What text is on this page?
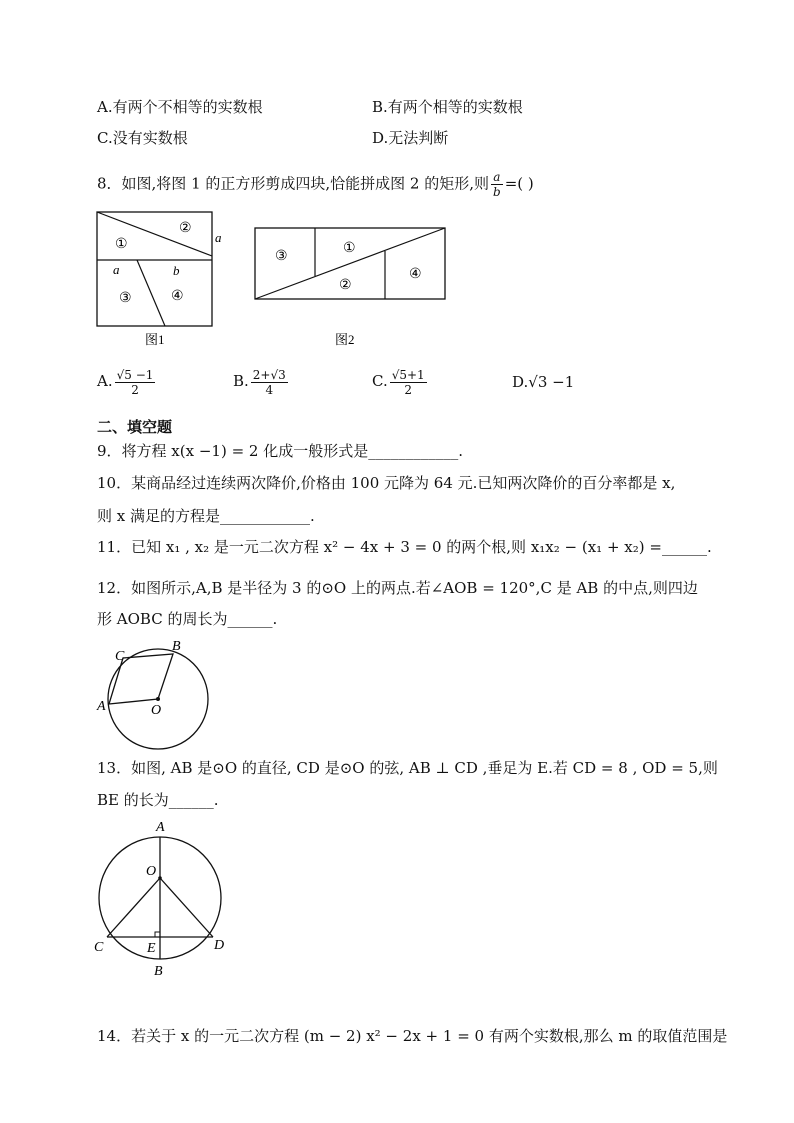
A.有两个不相等的实数根	B.有两个相等的实数根
C.没有实数根	D.无法判断
8．如图,将图 1 的正方形剪成四块,恰能拼成图 2 的矩形,则 $\frac{a}{b}$ =( )
②
①	a
a	b
③	④
图1
③
①
②
④
图2
A. $\frac{√5 -1}{2}$	B. $\frac{2+√3}{4}$	C. $\frac{√5+1}{2}$	D.√3 −1
二、填空题
9．将方程 x(x −1) = 2 化成一般形式是____________.
10．某商品经过连续两次降价,价格由 100 元降为 64 元.已知两次降价的百分率都是 x,
则 x 满足的方程是____________.
11．已知 x₁ , x₂ 是一元二次方程 x² − 4x + 3 = 0 的两个根,则 x₁x₂ − (x₁ + x₂) =______.
12．如图所示,A,B 是半径为 3 的⊙O 上的两点.若∠AOB = 120°,C 是 AB 的中点,则四边
形 AOBC 的周长为______.
C
B
A	O
13．如图, AB 是⊙O 的直径, CD 是⊙O 的弦, AB ⊥ CD ,垂足为 E.若 CD = 8 , OD = 5,则
BE 的长为______.
A
O
C	E	D
B
14．若关于 x 的一元二次方程 (m − 2) x² − 2x + 1 = 0 有两个实数根,那么 m 的取值范围是
